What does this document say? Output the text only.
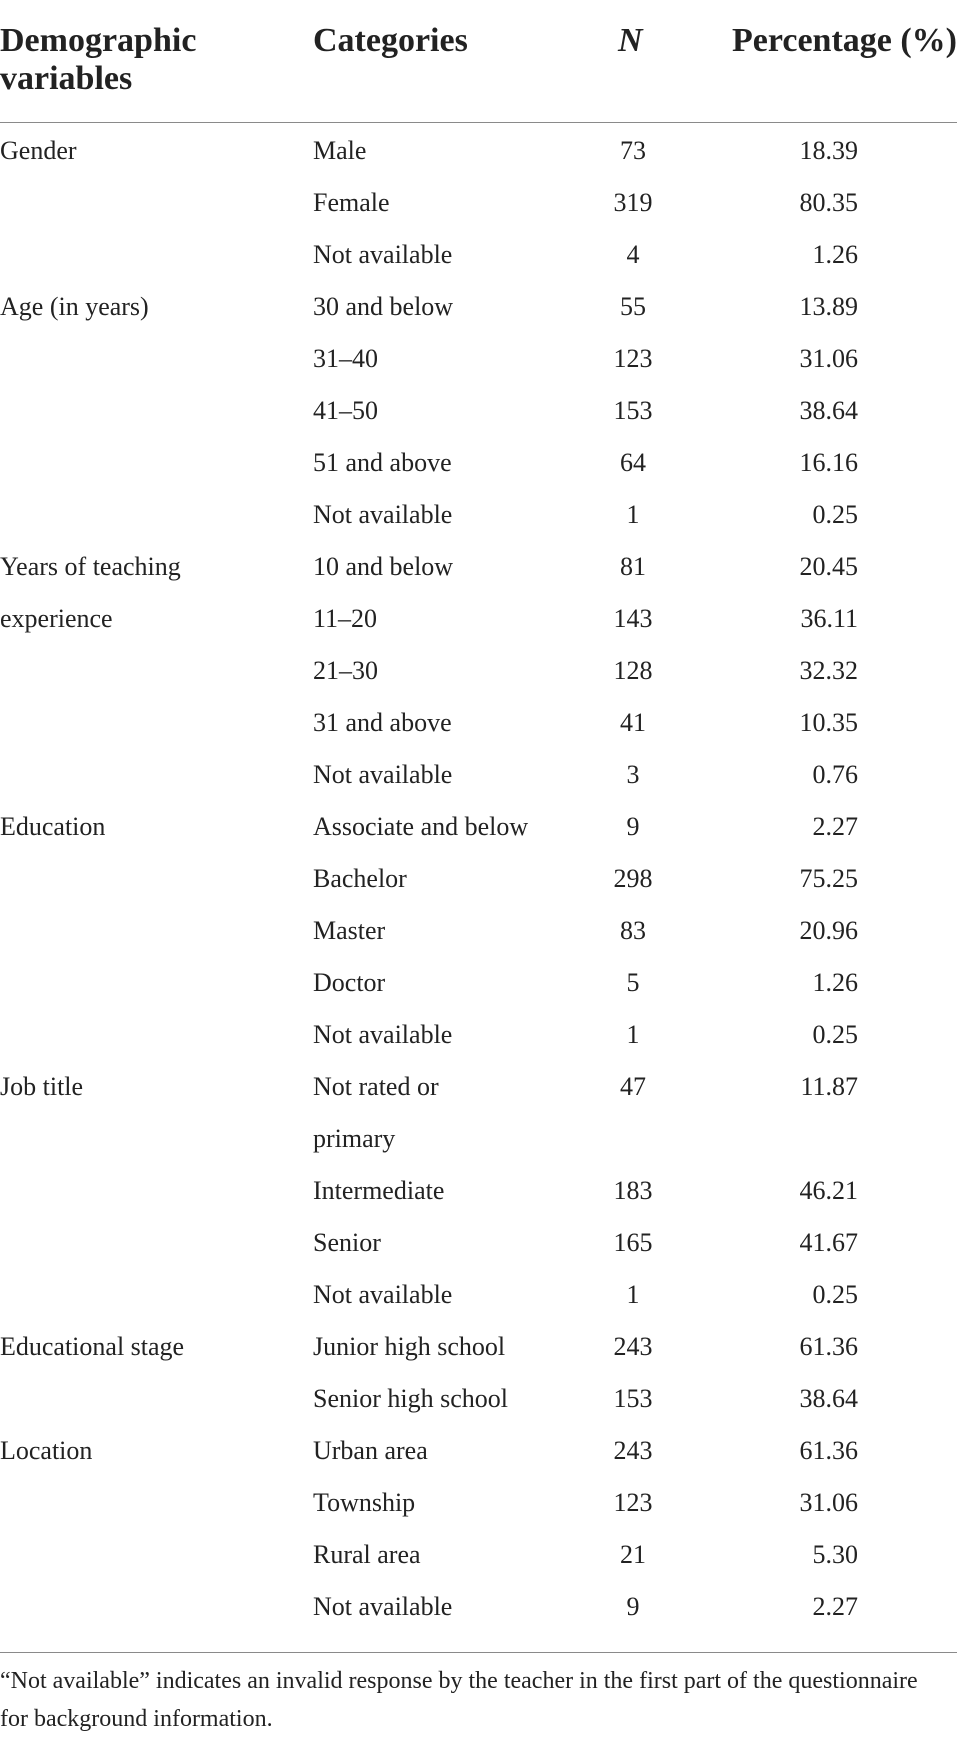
Demographic variables
Categories	N	Percentage (%)
Gender	Male	73	18.39
Female	319	80.35
Not available	4	1.26
Age (in years)	30 and below	55	13.89
31–40	123	31.06
41–50	153	38.64
51 and above	64	16.16
Not available	1	0.25
Years of teaching	10 and below	81	20.45
experience	11–20	143	36.11
21–30	128	32.32
31 and above	41	10.35
Not available	3	0.76
Education	Associate and below	9	2.27
Bachelor	298	75.25
Master	83	20.96
Doctor	5	1.26
Not available	1	0.25
Job title	Not rated or	47	11.87
primary
Intermediate	183	46.21
Senior	165	41.67
Not available	1	0.25
Educational stage	Junior high school	243	61.36
Senior high school	153	38.64
Location	Urban area	243	61.36
Township	123	31.06
Rural area	21	5.30
Not available	9	2.27
“Not available” indicates an invalid response by the teacher in the first part of the questionnaire for background information.
